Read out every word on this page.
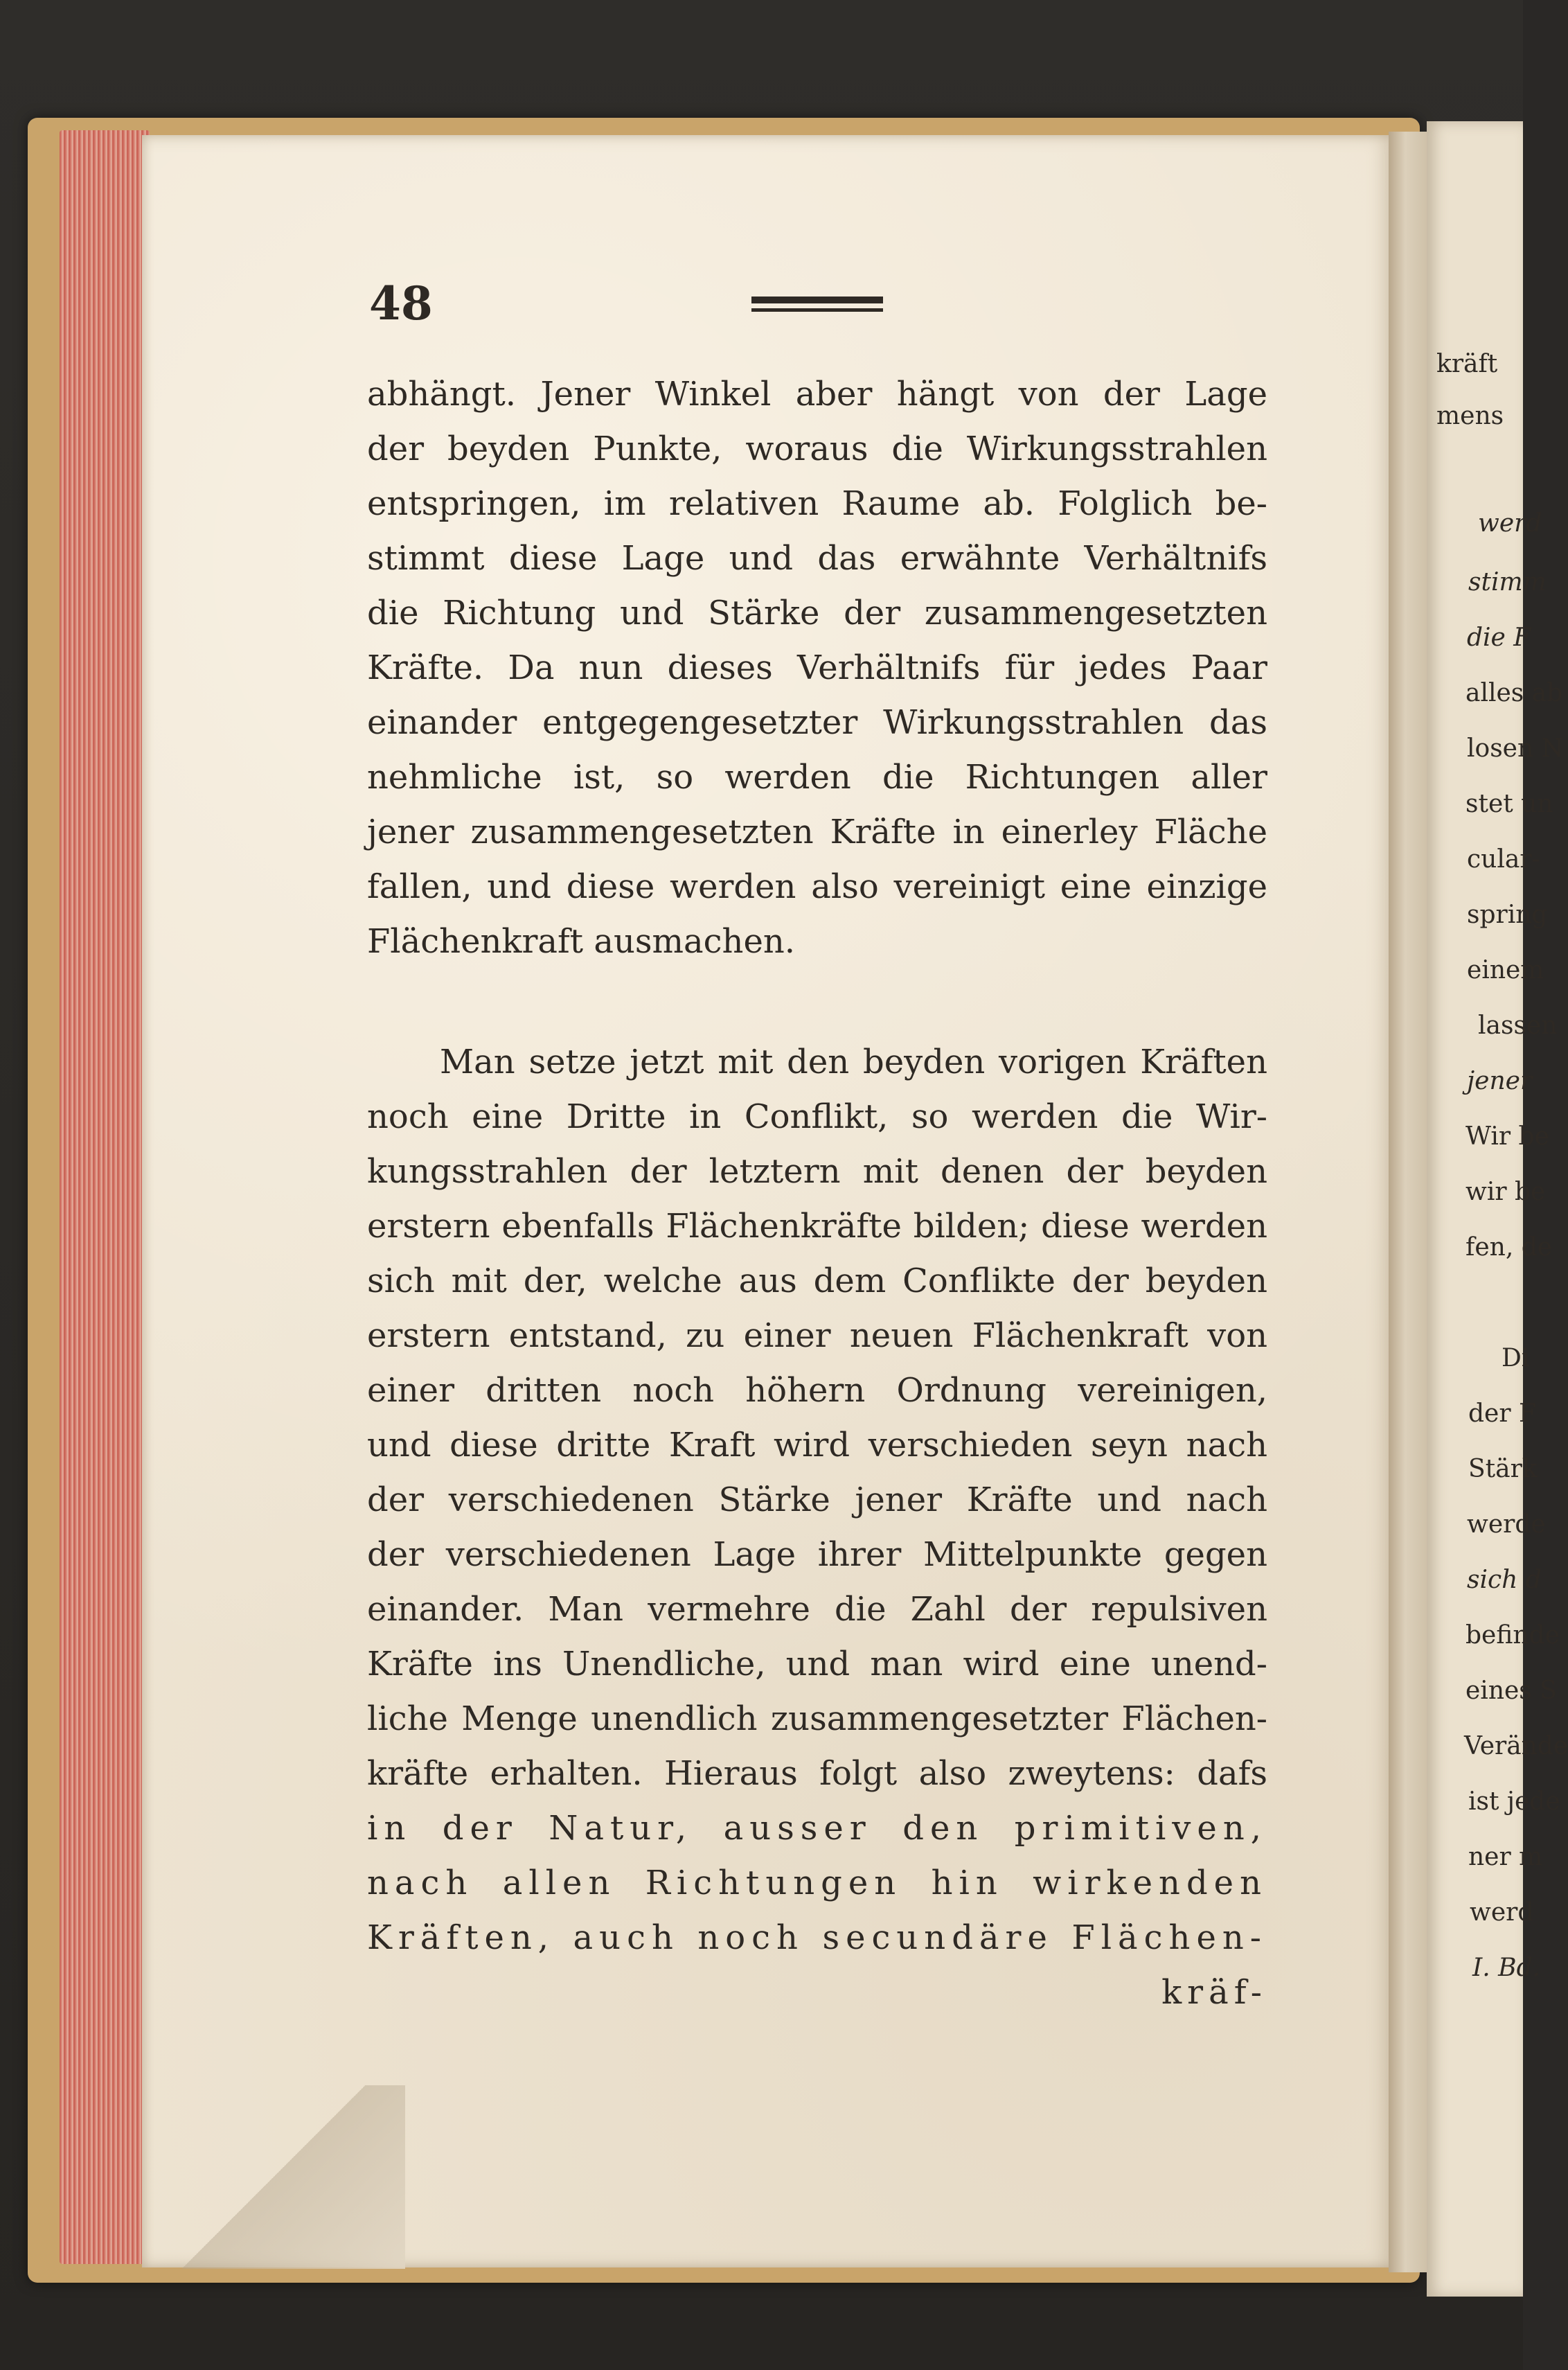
kräft
mens
werd
stimm
die F
alles ab
losen N
stet un
cular-
spring
einem
lassen
jener
Wir be
wir be
fen, de
Di
der F
Stärk
werde
sich d
befinde
eines S
Verände
ist jede
ner m
werd
I. Bd.
48
abhängt. Jener Winkel aber hängt von der Lage
der beyden Punkte, woraus die Wirkungsstrahlen
entspringen, im relativen Raume ab. Folglich be-
stimmt diese Lage und das erwähnte Verhältnifs
die Richtung und Stärke der zusammengesetzten
Kräfte. Da nun dieses Verhältnifs für jedes Paar
einander entgegengesetzter Wirkungsstrahlen das
nehmliche ist, so werden die Richtungen aller
jener zusammengesetzten Kräfte in einerley Fläche
fallen, und diese werden also vereinigt eine einzige
Flächenkraft ausmachen.
Man setze jetzt mit den beyden vorigen Kräften
noch eine Dritte in Conflikt, so werden die Wir-
kungsstrahlen der letztern mit denen der beyden
erstern ebenfalls Flächenkräfte bilden; diese werden
sich mit der, welche aus dem Conflikte der beyden
erstern entstand, zu einer neuen Flächenkraft von
einer dritten noch höhern Ordnung vereinigen,
und diese dritte Kraft wird verschieden seyn nach
der verschiedenen Stärke jener Kräfte und nach
der verschiedenen Lage ihrer Mittelpunkte gegen
einander. Man vermehre die Zahl der repulsiven
Kräfte ins Unendliche, und man wird eine unend-
liche Menge unendlich zusammengesetzter Flächen-
kräfte erhalten. Hieraus folgt also zweytens: dafs
in der Natur, ausser den primitiven,
nach allen Richtungen hin wirkenden
Kräften, auch noch secundäre Flächen-
kräf-
